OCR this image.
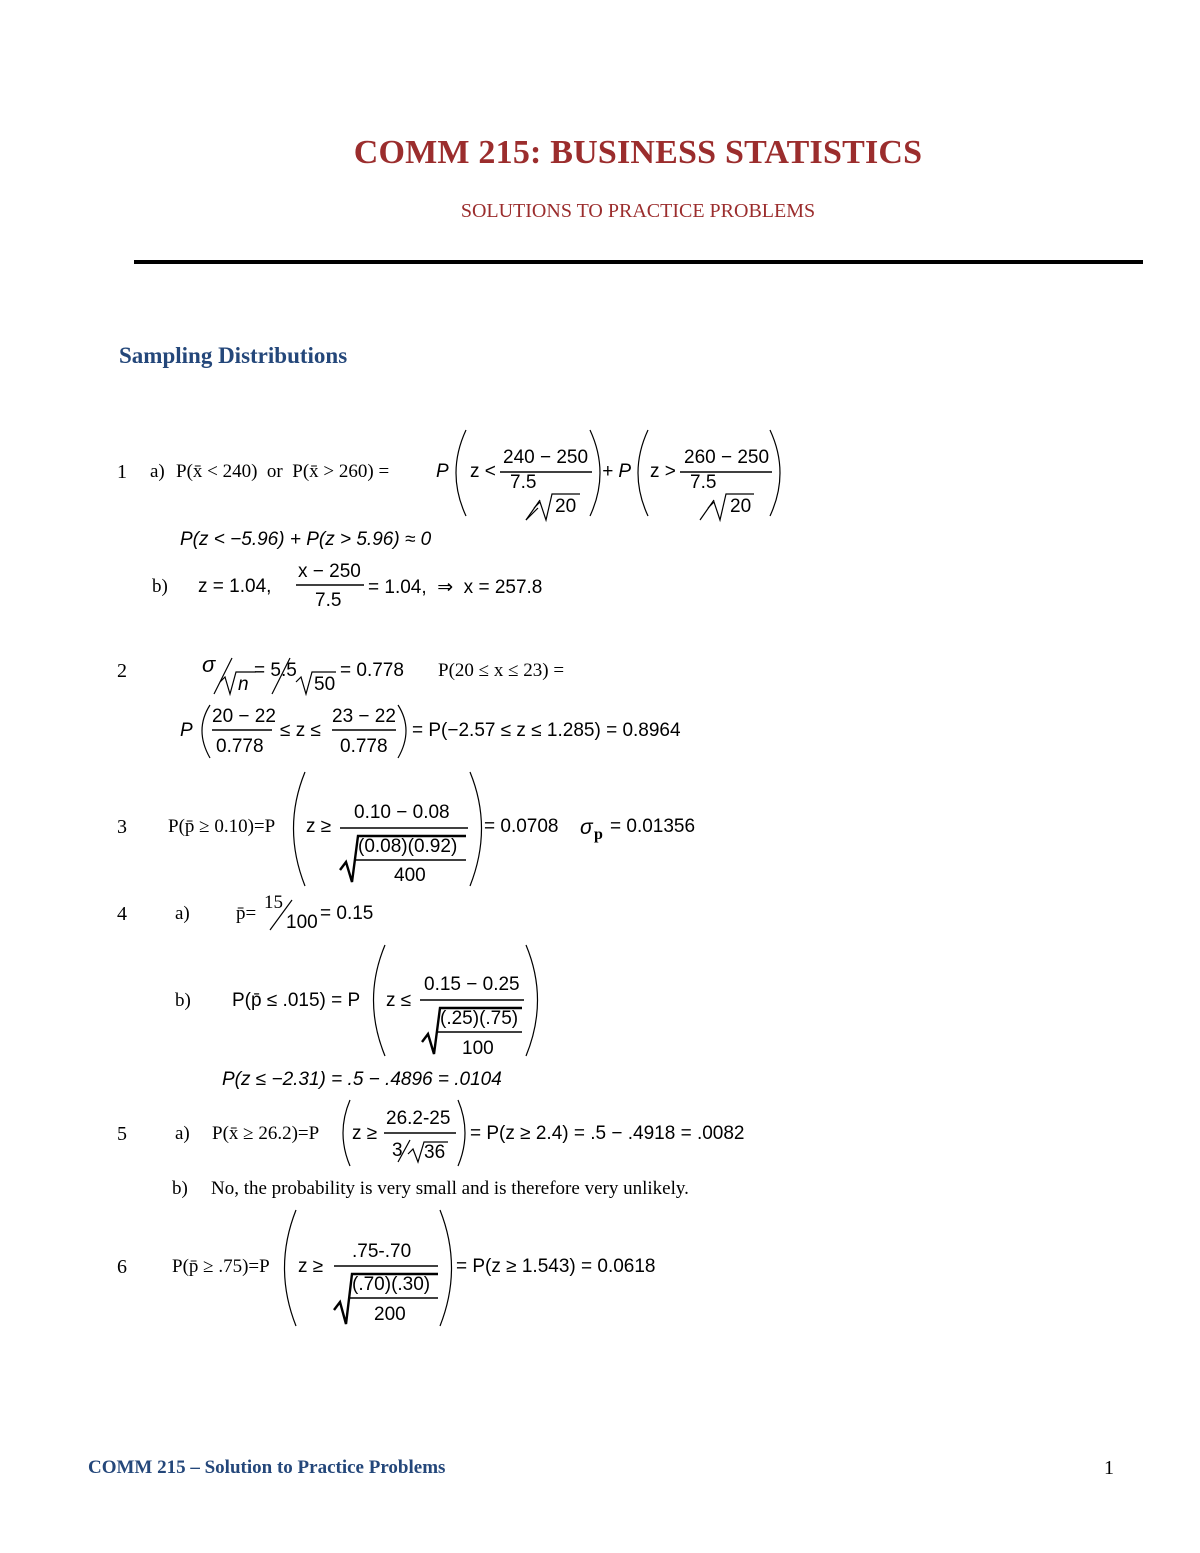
COMM 215: BUSINESS STATISTICS
SOLUTIONS TO PRACTICE PROBLEMS
Sampling Distributions
1 a) P(x̄ < 240)  or  P(x̄ > 260) = P z <
240 − 250
7.5
20
+ P z >
260 − 250
7.5
20
P(z < −5.96) + P(z > 5.96) ≈ 0
b) z = 1.04,
x − 250
7.5
= 1.04,  ⇒  x = 257.8
2	σ
n
= 5.5
50
= 0.778 P(20 ≤ x ≤ 23) =
P
20 − 22
0.778
≤ z ≤
23 − 22
0.778
= P(−2.57 ≤ z ≤ 1.285) = 0.8964
3 P(p̄ ≥ 0.10)=P z ≥
0.10 − 0.08
(0.08)(0.92)
400
= 0.0708 σ p = 0.01356
4	a) p̄=
15
100 = 0.15
b) P(p̄ ≤ .015) = P z ≤
0.15 − 0.25
(.25)(.75)
100
P(z ≤ −2.31) = .5 − .4896 = .0104
5	a) P(x̄ ≥ 26.2)=P z ≥
26.2-25
3 36
= P(z ≥ 2.4) = .5 − .4918 = .0082
b) No, the probability is very small and is therefore very unlikely.
6 P(p̄ ≥ .75)=P z ≥
.75-.70
(.70)(.30)
200
= P(z ≥ 1.543) = 0.0618
COMM 215 – Solution to Practice Problems	1
